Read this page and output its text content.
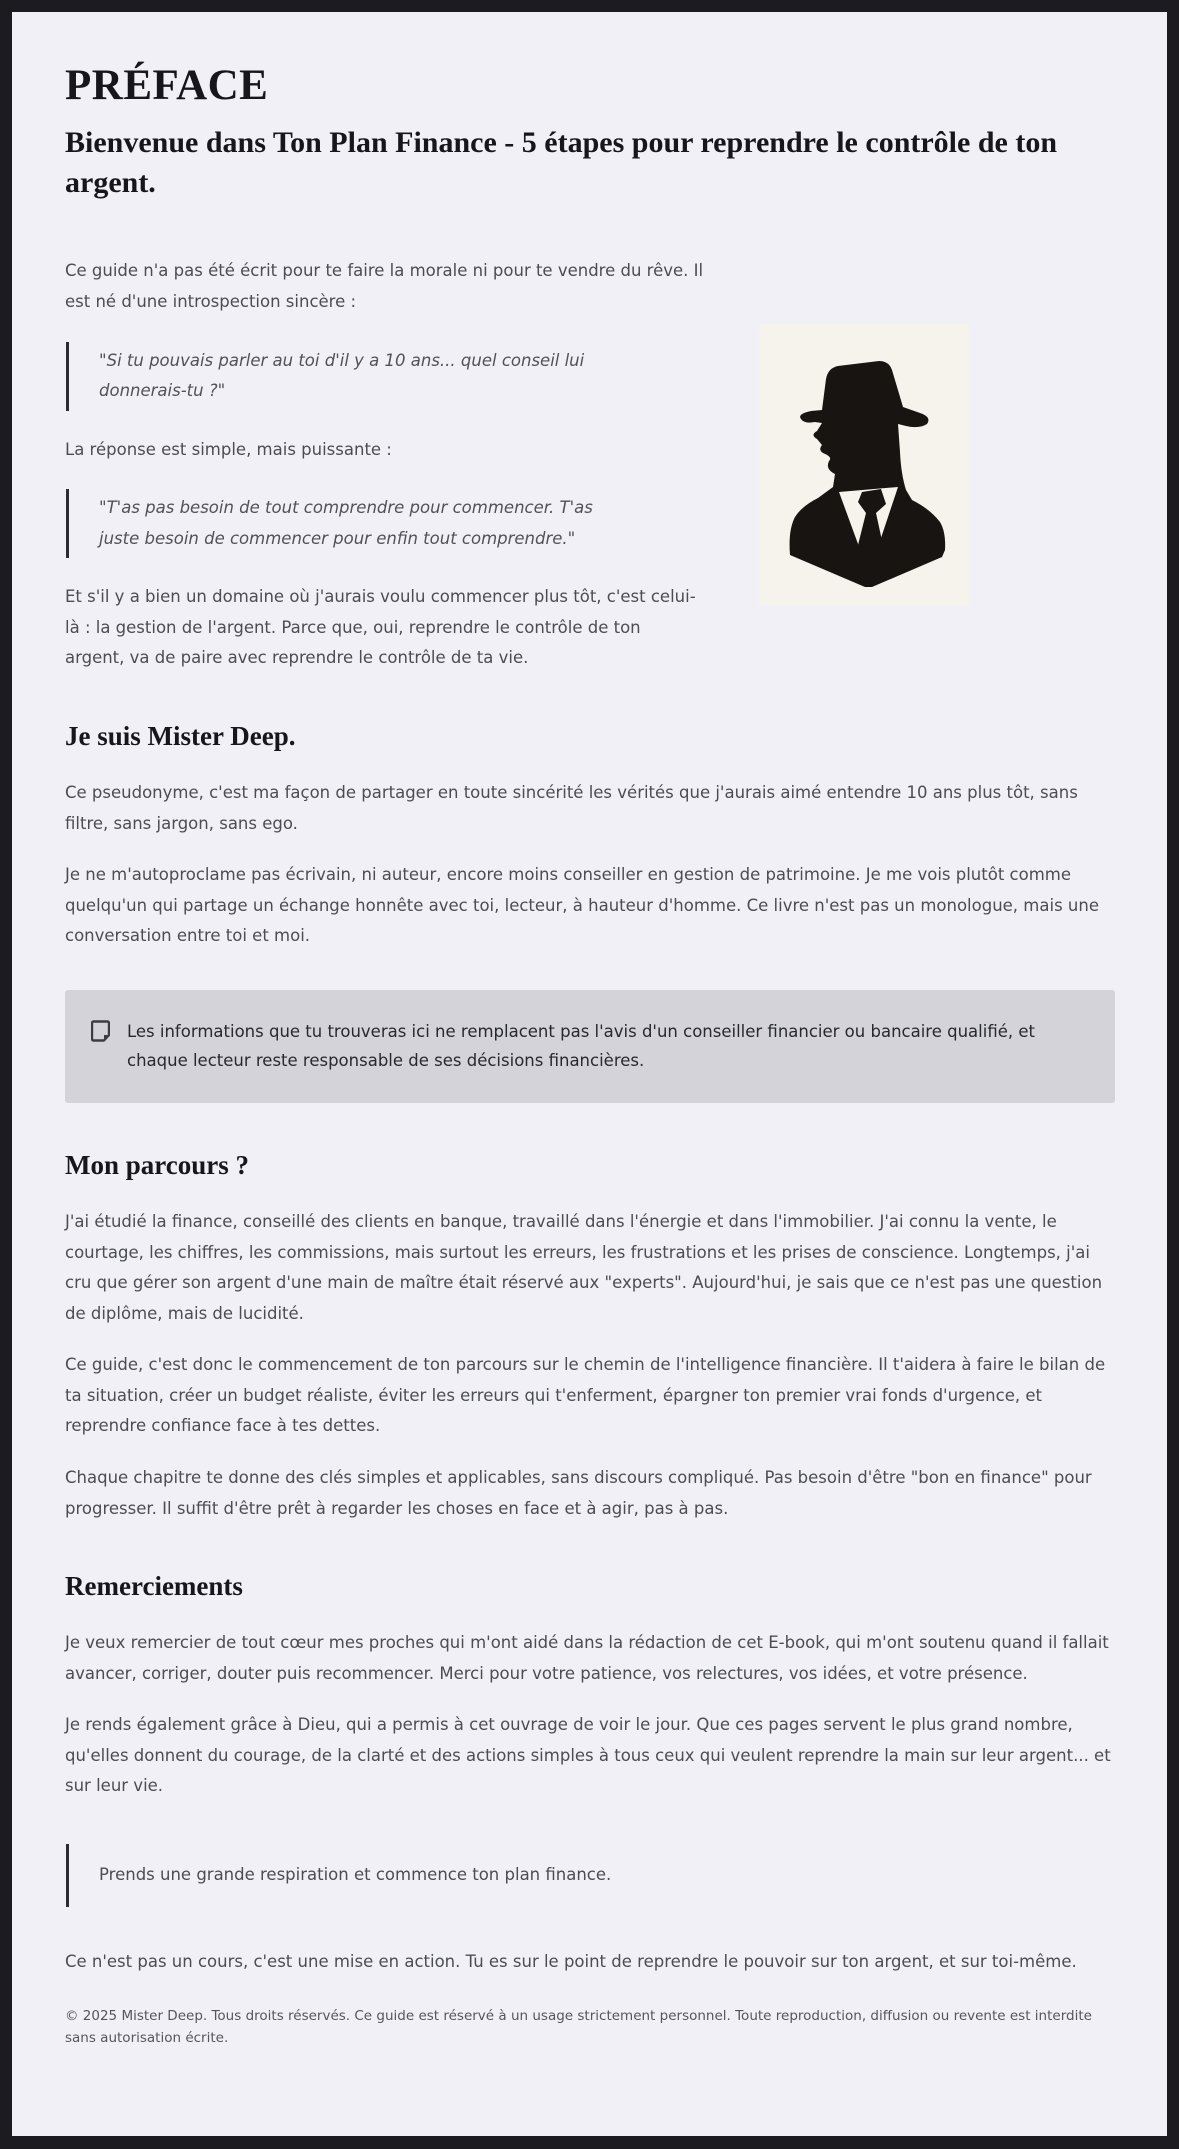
PRÉFACE
Bienvenue dans Ton Plan Finance - 5 étapes pour reprendre le contrôle de ton argent.

Ce guide n'a pas été écrit pour te faire la morale ni pour te vendre du rêve. Il est né d'une introspection sincère :

"Si tu pouvais parler au toi d'il y a 10 ans... quel conseil lui donnerais-tu ?"

La réponse est simple, mais puissante :

"T'as pas besoin de tout comprendre pour commencer. T'as juste besoin de commencer pour enfin tout comprendre."

Et s'il y a bien un domaine où j'aurais voulu commencer plus tôt, c'est celui-là : la gestion de l'argent. Parce que, oui, reprendre le contrôle de ton argent, va de paire avec reprendre le contrôle de ta vie.

Je suis Mister Deep.

Ce pseudonyme, c'est ma façon de partager en toute sincérité les vérités que j'aurais aimé entendre 10 ans plus tôt, sans filtre, sans jargon, sans ego.

Je ne m'autoproclame pas écrivain, ni auteur, encore moins conseiller en gestion de patrimoine. Je me vois plutôt comme quelqu'un qui partage un échange honnête avec toi, lecteur, à hauteur d'homme. Ce livre n'est pas un monologue, mais une conversation entre toi et moi.

Les informations que tu trouveras ici ne remplacent pas l'avis d'un conseiller financier ou bancaire qualifié, et chaque lecteur reste responsable de ses décisions financières.
Mon parcours ?

J'ai étudié la finance, conseillé des clients en banque, travaillé dans l'énergie et dans l'immobilier. J'ai connu la vente, le courtage, les chiffres, les commissions, mais surtout les erreurs, les frustrations et les prises de conscience. Longtemps, j'ai cru que gérer son argent d'une main de maître était réservé aux "experts". Aujourd'hui, je sais que ce n'est pas une question de diplôme, mais de lucidité.

Ce guide, c'est donc le commencement de ton parcours sur le chemin de l'intelligence financière. Il t'aidera à faire le bilan de ta situation, créer un budget réaliste, éviter les erreurs qui t'enferment, épargner ton premier vrai fonds d'urgence, et reprendre confiance face à tes dettes.

Chaque chapitre te donne des clés simples et applicables, sans discours compliqué. Pas besoin d'être "bon en finance" pour progresser. Il suffit d'être prêt à regarder les choses en face et à agir, pas à pas.

Remerciements

Je veux remercier de tout cœur mes proches qui m'ont aidé dans la rédaction de cet E-book, qui m'ont soutenu quand il fallait avancer, corriger, douter puis recommencer. Merci pour votre patience, vos relectures, vos idées, et votre présence.

Je rends également grâce à Dieu, qui a permis à cet ouvrage de voir le jour. Que ces pages servent le plus grand nombre, qu'elles donnent du courage, de la clarté et des actions simples à tous ceux qui veulent reprendre la main sur leur argent... et sur leur vie.

Prends une grande respiration et commence ton plan finance.

Ce n'est pas un cours, c'est une mise en action. Tu es sur le point de reprendre le pouvoir sur ton argent, et sur toi-même.

© 2025 Mister Deep. Tous droits réservés. Ce guide est réservé à un usage strictement personnel. Toute reproduction, diffusion ou revente est interdite sans autorisation écrite.
